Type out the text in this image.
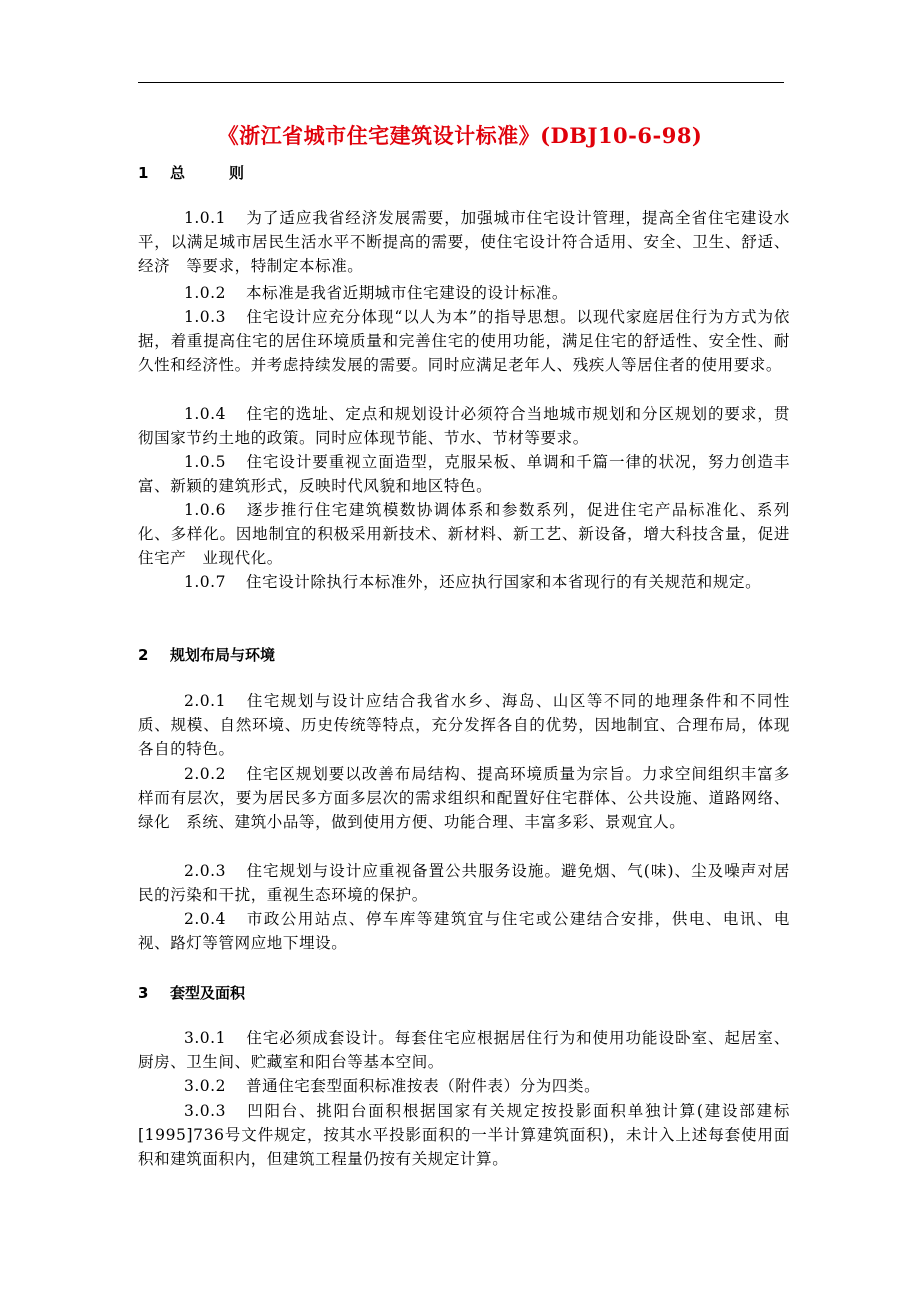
《浙江省城市住宅建筑设计标准》(DBJ10-6-98)
1 总则
1.0.1 为了适应我省经济发展需要，加强城市住宅设计管理，提高全省住宅建设水平，以满足城市居民生活水平不断提高的需要，使住宅设计符合适用、安全、卫生、舒适、经济　等要求，特制定本标准。
1.0.2 本标准是我省近期城市住宅建设的设计标准。
1.0.3 住宅设计应充分体现“以人为本”的指导思想。以现代家庭居住行为方式为依据，着重提高住宅的居住环境质量和完善住宅的使用功能，满足住宅的舒适性、安全性、耐久性和经济性。并考虑持续发展的需要。同时应满足老年人、残疾人等居住者的使用要求。
1.0.4 住宅的选址、定点和规划设计必须符合当地城市规划和分区规划的要求，贯彻国家节约土地的政策。同时应体现节能、节水、节材等要求。
1.0.5 住宅设计要重视立面造型，克服呆板、单调和千篇一律的状况，努力创造丰富、新颖的建筑形式，反映时代风貌和地区特色。
1.0.6 逐步推行住宅建筑模数协调体系和参数系列，促进住宅产品标准化、系列化、多样化。因地制宜的积极采用新技术、新材料、新工艺、新设备，增大科技含量，促进住宅产　业现代化。
1.0.7 住宅设计除执行本标准外，还应执行国家和本省现行的有关规范和规定。
2 规划布局与环境
2.0.1 住宅规划与设计应结合我省水乡、海岛、山区等不同的地理条件和不同性质、规模、自然环境、历史传统等特点，充分发挥各自的优势，因地制宜、合理布局，体现各自的特色。
2.0.2 住宅区规划要以改善布局结构、提高环境质量为宗旨。力求空间组织丰富多样而有层次，要为居民多方面多层次的需求组织和配置好住宅群体、公共设施、道路网络、绿化　系统、建筑小品等，做到使用方便、功能合理、丰富多彩、景观宜人。
2.0.3 住宅规划与设计应重视备置公共服务设施。避免烟、气(味)、尘及噪声对居民的污染和干扰，重视生态环境的保护。
2.0.4 市政公用站点、停车库等建筑宜与住宅或公建结合安排，供电、电讯、电视、路灯等管网应地下埋设。
3 套型及面积
3.0.1 住宅必须成套设计。每套住宅应根据居住行为和使用功能设卧室、起居室、厨房、卫生间、贮藏室和阳台等基本空间。
3.0.2 普通住宅套型面积标准按表（附件表）分为四类。
3.0.3 凹阳台、挑阳台面积根据国家有关规定按投影面积单独计算(建设部建标[1995]736号文件规定，按其水平投影面积的一半计算建筑面积)，未计入上述每套使用面积和建筑面积内，但建筑工程量仍按有关规定计算。
